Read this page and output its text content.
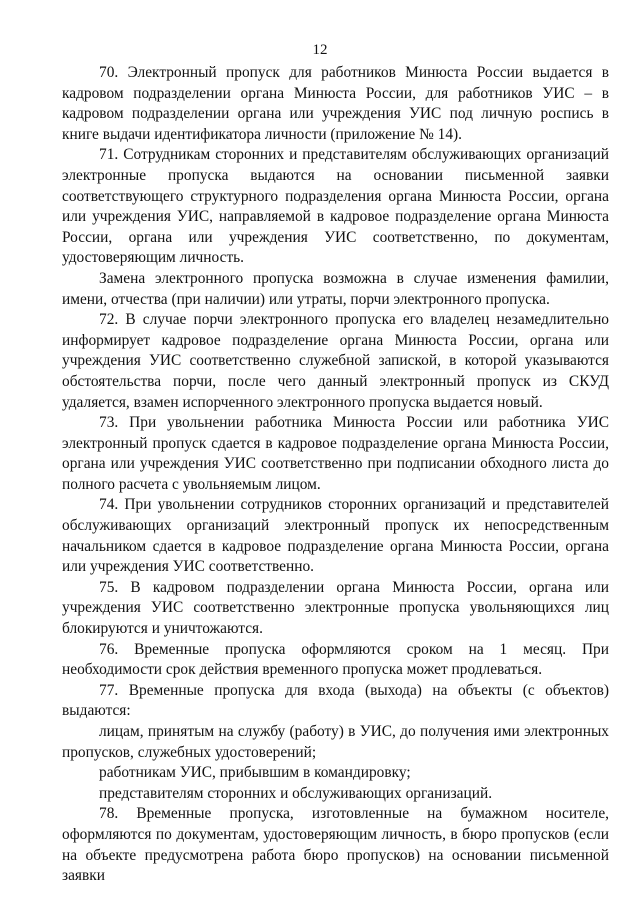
12

70. Электронный пропуск для работников Минюста России выдается в кадровом подразделении органа Минюста России, для работников УИС – в кадровом подразделении органа или учреждения УИС под личную роспись в книге выдачи идентификатора личности (приложение № 14).

71. Сотрудникам сторонних и представителям обслуживающих организаций электронные пропуска выдаются на основании письменной заявки соответствующего структурного подразделения органа Минюста России, органа или учреждения УИС, направляемой в кадровое подразделение органа Минюста России, органа или учреждения УИС соответственно, по документам, удостоверяющим личность.

Замена электронного пропуска возможна в случае изменения фамилии, имени, отчества (при наличии) или утраты, порчи электронного пропуска.

72. В случае порчи электронного пропуска его владелец незамедлительно информирует кадровое подразделение органа Минюста России, органа или учреждения УИС соответственно служебной запиской, в которой указываются обстоятельства порчи, после чего данный электронный пропуск из СКУД удаляется, взамен испорченного электронного пропуска выдается новый.

73. При увольнении работника Минюста России или работника УИС электронный пропуск сдается в кадровое подразделение органа Минюста России, органа или учреждения УИС соответственно при подписании обходного листа до полного расчета с увольняемым лицом.

74. При увольнении сотрудников сторонних организаций и представителей обслуживающих организаций электронный пропуск их непосредственным начальником сдается в кадровое подразделение органа Минюста России, органа или учреждения УИС соответственно.

75. В кадровом подразделении органа Минюста России, органа или учреждения УИС соответственно электронные пропуска увольняющихся лиц блокируются и уничтожаются.

76. Временные пропуска оформляются сроком на 1 месяц. При необходимости срок действия временного пропуска может продлеваться.

77. Временные пропуска для входа (выхода) на объекты (с объектов) выдаются:

лицам, принятым на службу (работу) в УИС, до получения ими электронных пропусков, служебных удостоверений;

работникам УИС, прибывшим в командировку;

представителям сторонних и обслуживающих организаций.

78. Временные пропуска, изготовленные на бумажном носителе, оформляются по документам, удостоверяющим личность, в бюро пропусков (если на объекте предусмотрена работа бюро пропусков) на основании письменной заявки
